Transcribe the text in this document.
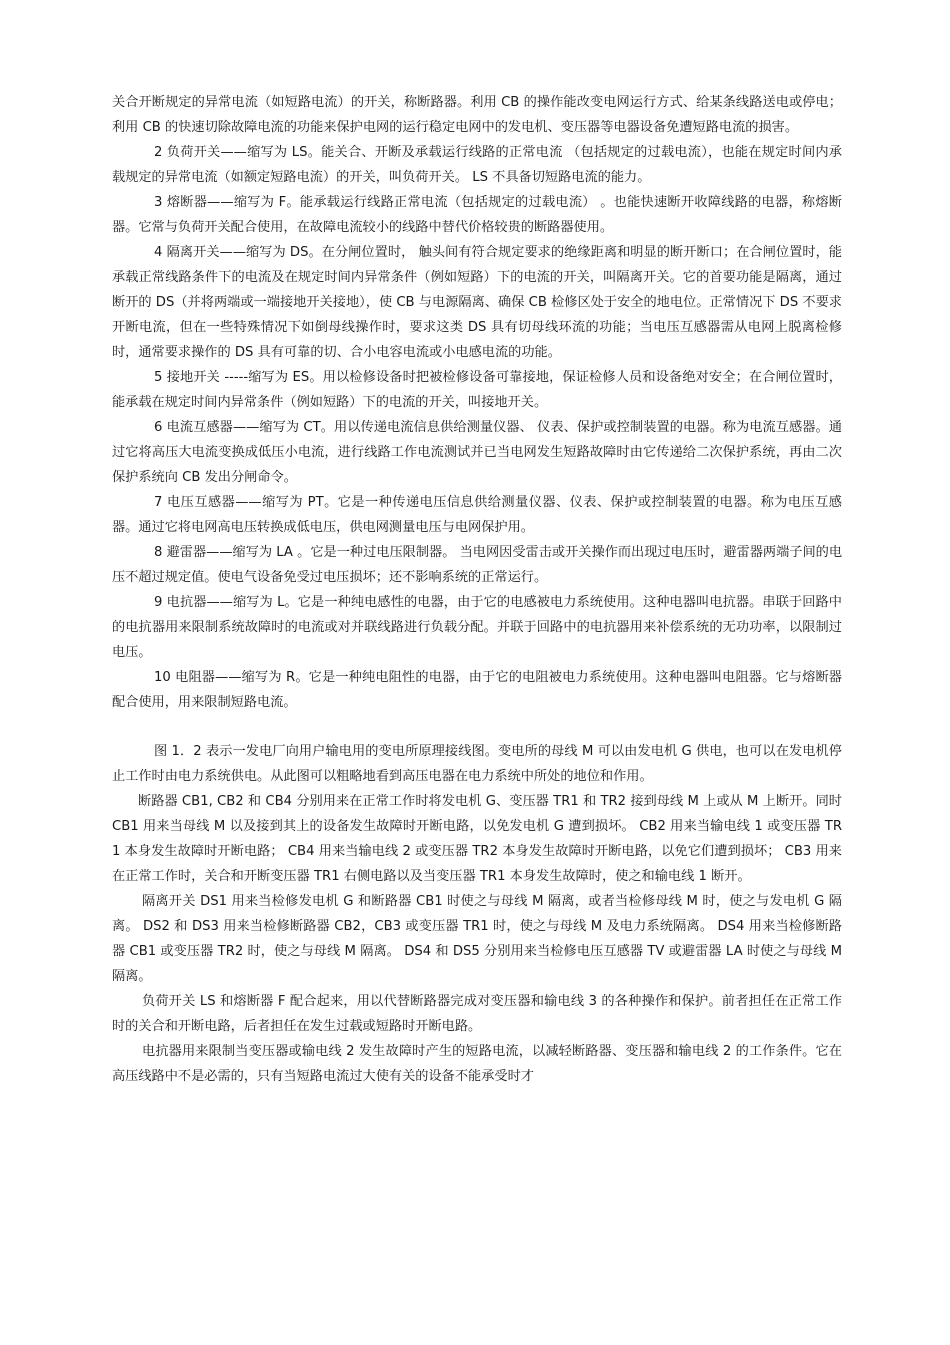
关合开断规定的异常电流（如短路电流）的开关，称断路器。利用 CB 的操作能改变电网运行方式、给某条线路送电或停电；利用 CB 的快速切除故障电流的功能来保护电网的运行稳定电网中的发电机、变压器等电器设备免遭短路电流的损害。

2 负荷开关——缩写为 LS。能关合、开断及承载运行线路的正常电流 （包括规定的过载电流），也能在规定时间内承载规定的异常电流（如额定短路电流）的开关，叫负荷开关。 LS 不具备切短路电流的能力。

3 熔断器——缩写为 F。能承载运行线路正常电流（包括规定的过载电流） 。也能快速断开收障线路的电器，称熔断器。它常与负荷开关配合使用，在故障电流较小的线路中替代价格较贵的断路器使用。

4 隔离开关——缩写为 DS。在分闸位置时， 触头间有符合规定要求的绝缘距离和明显的断开断口；在合闸位置时，能承载正常线路条件下的电流及在规定时间内异常条件（例如短路）下的电流的开关，叫隔离开关。它的首要功能是隔离，通过断开的 DS（并将两端或一端接地开关接地），使 CB 与电源隔离、确保 CB 检修区处于安全的地电位。正常情况下 DS 不要求开断电流，但在一些特殊情况下如倒母线操作时，要求这类 DS 具有切母线环流的功能；当电压互感器需从电网上脱离检修时，通常要求操作的 DS 具有可靠的切、合小电容电流或小电感电流的功能。

5 接地开关 -----缩写为 ES。用以检修设备时把被检修设备可靠接地，保证检修人员和设备绝对安全；在合闸位置时，能承载在规定时间内异常条件（例如短路）下的电流的开关，叫接地开关。

6 电流互感器——缩写为 CT。用以传递电流信息供给测量仪器、 仪表、保护或控制装置的电器。称为电流互感器。通过它将高压大电流变换成低压小电流，进行线路工作电流测试并已当电网发生短路故障时由它传递给二次保护系统，再由二次保护系统向 CB 发出分闸命令。

7 电压互感器——缩写为 PT。它是一种传递电压信息供给测量仪器、仪表、保护或控制装置的电器。称为电压互感器。通过它将电网高电压转换成低电压，供电网测量电压与电网保护用。

8 避雷器——缩写为 LA 。它是一种过电压限制器。 当电网因受雷击或开关操作而出现过电压时，避雷器两端子间的电压不超过规定值。使电气设备免受过电压损坏；还不影响系统的正常运行。

9 电抗器——缩写为 L。它是一种纯电感性的电器，由于它的电感被电力系统使用。这种电器叫电抗器。串联于回路中的电抗器用来限制系统故障时的电流或对并联线路进行负载分配。并联于回路中的电抗器用来补偿系统的无功功率，以限制过电压。

10 电阻器——缩写为 R。它是一种纯电阻性的电器，由于它的电阻被电力系统使用。这种电器叫电阻器。它与熔断器配合使用，用来限制短路电流。

图 1．2 表示一发电厂向用户输电用的变电所原理接线图。变电所的母线 M 可以由发电机 G 供电，也可以在发电机停止工作时由电力系统供电。从此图可以粗略地看到高压电器在电力系统中所处的地位和作用。

断路器 CB1, CB2 和 CB4 分别用来在正常工作时将发电机 G、变压器 TR1 和 TR2 接到母线 M 上或从 M 上断开。同时 CB1 用来当母线 M 以及接到其上的设备发生故障时开断电路，以免发电机 G 遭到损坏。 CB2 用来当输电线 1 或变压器 TR1 本身发生故障时开断电路； CB4 用来当输电线 2 或变压器 TR2 本身发生故障时开断电路，以免它们遭到损坏； CB3 用来在正常工作时，关合和开断变压器 TR1 右侧电路以及当变压器 TR1 本身发生故障时，使之和输电线 1 断开。

隔离开关 DS1 用来当检修发电机 G 和断路器 CB1 时使之与母线 M 隔离，或者当检修母线 M 时，使之与发电机 G 隔离。 DS2 和 DS3 用来当检修断路器 CB2，CB3 或变压器 TR1 时，使之与母线 M 及电力系统隔离。 DS4 用来当检修断路器 CB1 或变压器 TR2 时，使之与母线 M 隔离。 DS4 和 DS5 分别用来当检修电压互感器 TV 或避雷器 LA 时使之与母线 M 隔离。

负荷开关 LS 和熔断器 F 配合起来，用以代替断路器完成对变压器和输电线 3 的各种操作和保护。前者担任在正常工作时的关合和开断电路，后者担任在发生过载或短路时开断电路。

电抗器用来限制当变压器或输电线 2 发生故障时产生的短路电流，以减轻断路器、变压器和输电线 2 的工作条件。它在高压线路中不是必需的，只有当短路电流过大使有关的设备不能承受时才
